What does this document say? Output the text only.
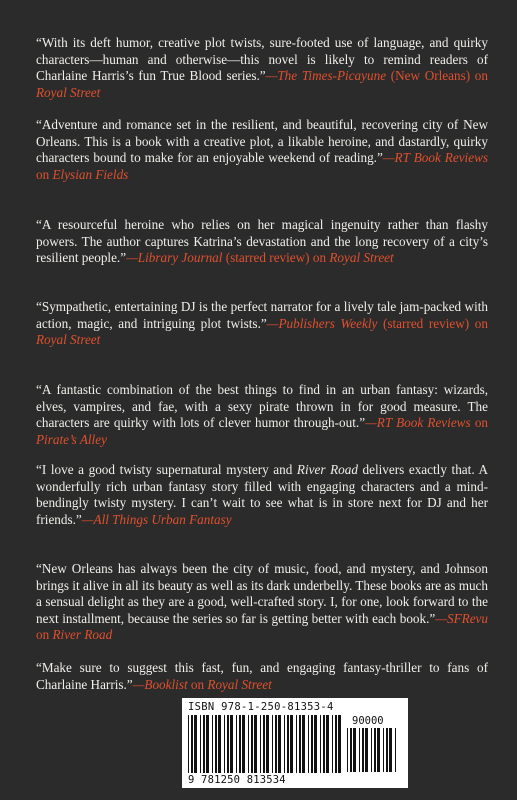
“With its deft humor, creative plot twists, sure-footed use of language, and quirky characters—human and otherwise—this novel is likely to remind readers of Charlaine Harris’s fun True Blood series.”—The Times-Picayune (New Orleans) on Royal Street

“Adventure and romance set in the resilient, and beautiful, recovering city of New Orleans. This is a book with a creative plot, a likable heroine, and dastardly, quirky characters bound to make for an enjoyable weekend of reading.”—RT Book Reviews on Elysian Fields

“A resourceful heroine who relies on her magical ingenuity rather than flashy powers. The author captures Katrina’s devastation and the long recovery of a city’s resilient people.”—Library Journal (starred review) on Royal Street

“Sympathetic, entertaining DJ is the perfect narrator for a lively tale jam-packed with action, magic, and intriguing plot twists.”—Publishers Weekly (starred review) on Royal Street

“A fantastic combination of the best things to find in an urban fantasy: wizards, elves, vampires, and fae, with a sexy pirate thrown in for good measure. The characters are quirky with lots of clever humor through-out.”—RT Book Reviews on Pirate’s Alley

“I love a good twisty supernatural mystery and River Road delivers exactly that. A wonderfully rich urban fantasy story filled with engaging characters and a mind-bendingly twisty mystery. I can’t wait to see what is in store next for DJ and her friends.”—All Things Urban Fantasy

“New Orleans has always been the city of music, food, and mystery, and Johnson brings it alive in all its beauty as well as its dark underbelly. These books are as much a sensual delight as they are a good, well-crafted story. I, for one, look forward to the next installment, because the series so far is getting better with each book.”—SFRevu on River Road

“Make sure to suggest this fast, fun, and engaging fantasy-thriller to fans of Charlaine Harris.”—Booklist on Royal Street

ISBN 978-1-250-81353-4
90000
9 781250 813534
